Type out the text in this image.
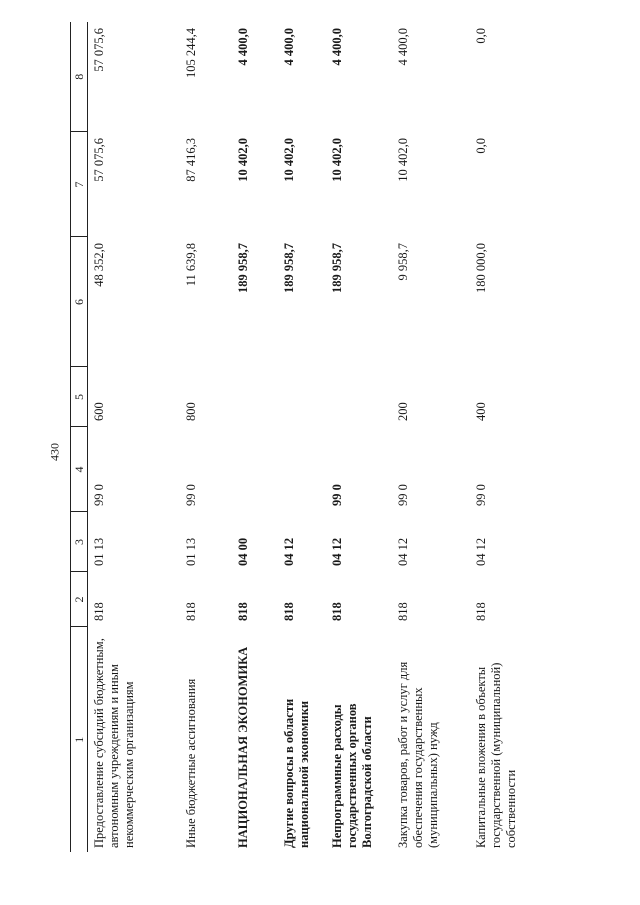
430
1	2	3	4	5	6	7	8
Предоставление субсидий бюджетным, автономным учреждениям и иным некоммерческим организациям	818	01 13	99 0	600	48 352,0	57 075,6	57 075,6
Иные бюджетные ассигнования	818	01 13	99 0	800	11 639,8	87 416,3	105 244,4
НАЦИОНАЛЬНАЯ ЭКОНОМИКА	818	04 00			189 958,7	10 402,0	4 400,0
Другие вопросы в области национальной экономики	818	04 12			189 958,7	10 402,0	4 400,0
Непрограммные расходы государственных органов Волгоградской области	818	04 12	99 0		189 958,7	10 402,0	4 400,0
Закупка товаров, работ и услуг для обеспечения государственных (муниципальных) нужд	818	04 12	99 0	200	9 958,7	10 402,0	4 400,0
Капитальные вложения в объекты государственной (муниципальной) собственности	818	04 12	99 0	400	180 000,0	0,0	0,0
